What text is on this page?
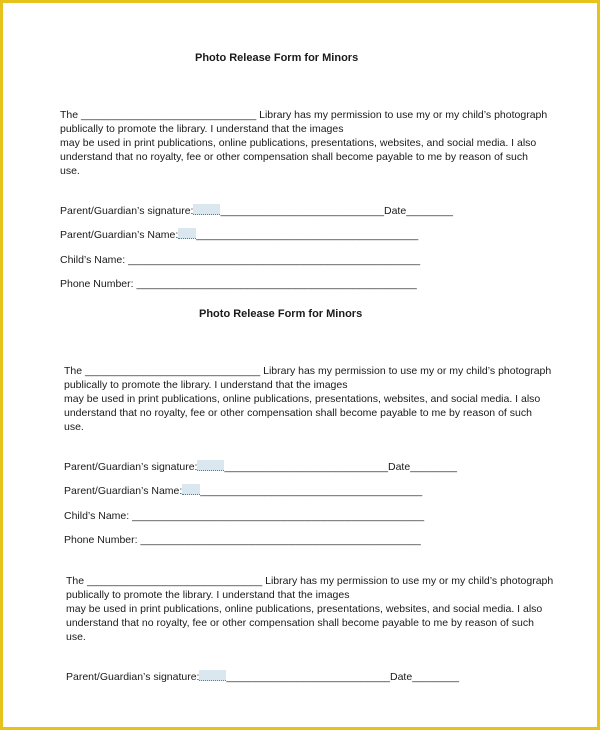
Photo Release Form for Minors

The ______________________________ Library has my permission to use my or my child’s photograph

publically to promote the library. I understand that the images

may be used in print publications, online publications, presentations, websites, and social media. I also

understand that no royalty, fee or other compensation shall become payable to me by reason of such

use.

Parent/Guardian’s signature:	____________________________Date________
Parent/Guardian’s Name: ______________________________________
Child’s Name: __________________________________________________
Phone Number: ________________________________________________
Photo Release Form for Minors

The ______________________________ Library has my permission to use my or my child’s photograph

publically to promote the library. I understand that the images

may be used in print publications, online publications, presentations, websites, and social media. I also

understand that no royalty, fee or other compensation shall become payable to me by reason of such

use.

Parent/Guardian’s signature:	____________________________Date________
Parent/Guardian’s Name: ______________________________________
Child’s Name: __________________________________________________
Phone Number: ________________________________________________

The ______________________________ Library has my permission to use my or my child’s photograph

publically to promote the library. I understand that the images

may be used in print publications, online publications, presentations, websites, and social media. I also

understand that no royalty, fee or other compensation shall become payable to me by reason of such

use.

Parent/Guardian’s signature:	____________________________Date________
